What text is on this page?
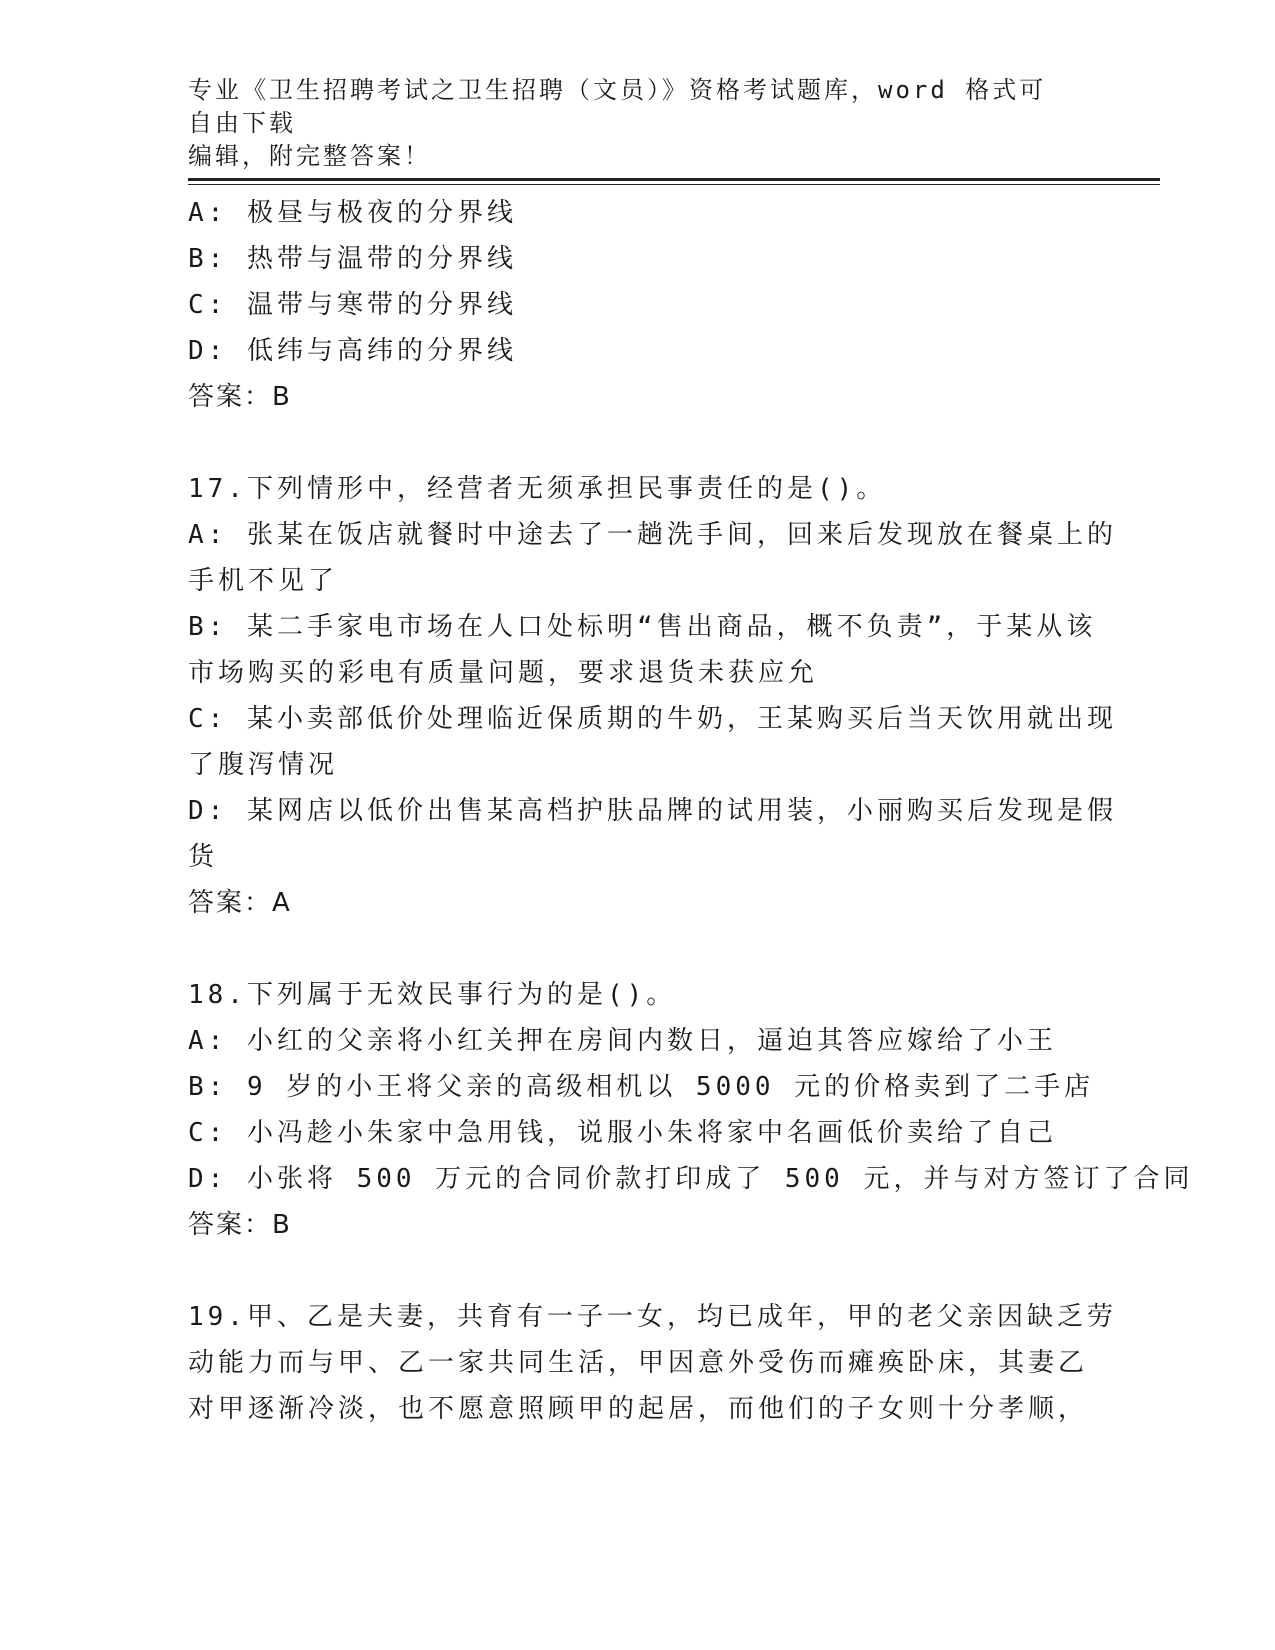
专业《卫生招聘考试之卫生招聘（文员）》资格考试题库，word 格式可自由下载
编辑，附完整答案！
A: 极昼与极夜的分界线
B: 热带与温带的分界线
C: 温带与寒带的分界线
D: 低纬与高纬的分界线
答案：B
17.下列情形中，经营者无须承担民事责任的是()。
A: 张某在饭店就餐时中途去了一趟洗手间，回来后发现放在餐桌上的
手机不见了
B: 某二手家电市场在人口处标明“售出商品，概不负责”，于某从该
市场购买的彩电有质量问题，要求退货未获应允
C: 某小卖部低价处理临近保质期的牛奶，王某购买后当天饮用就出现
了腹泻情况
D: 某网店以低价出售某高档护肤品牌的试用装，小丽购买后发现是假
货
答案：A
18.下列属于无效民事行为的是()。
A: 小红的父亲将小红关押在房间内数日，逼迫其答应嫁给了小王
B: 9 岁的小王将父亲的高级相机以 5000 元的价格卖到了二手店
C: 小冯趁小朱家中急用钱，说服小朱将家中名画低价卖给了自己
D: 小张将 500 万元的合同价款打印成了 500 元，并与对方签订了合同
答案：B
19.甲、乙是夫妻，共育有一子一女，均已成年，甲的老父亲因缺乏劳
动能力而与甲、乙一家共同生活，甲因意外受伤而瘫痪卧床，其妻乙
对甲逐渐冷淡，也不愿意照顾甲的起居，而他们的子女则十分孝顺，
